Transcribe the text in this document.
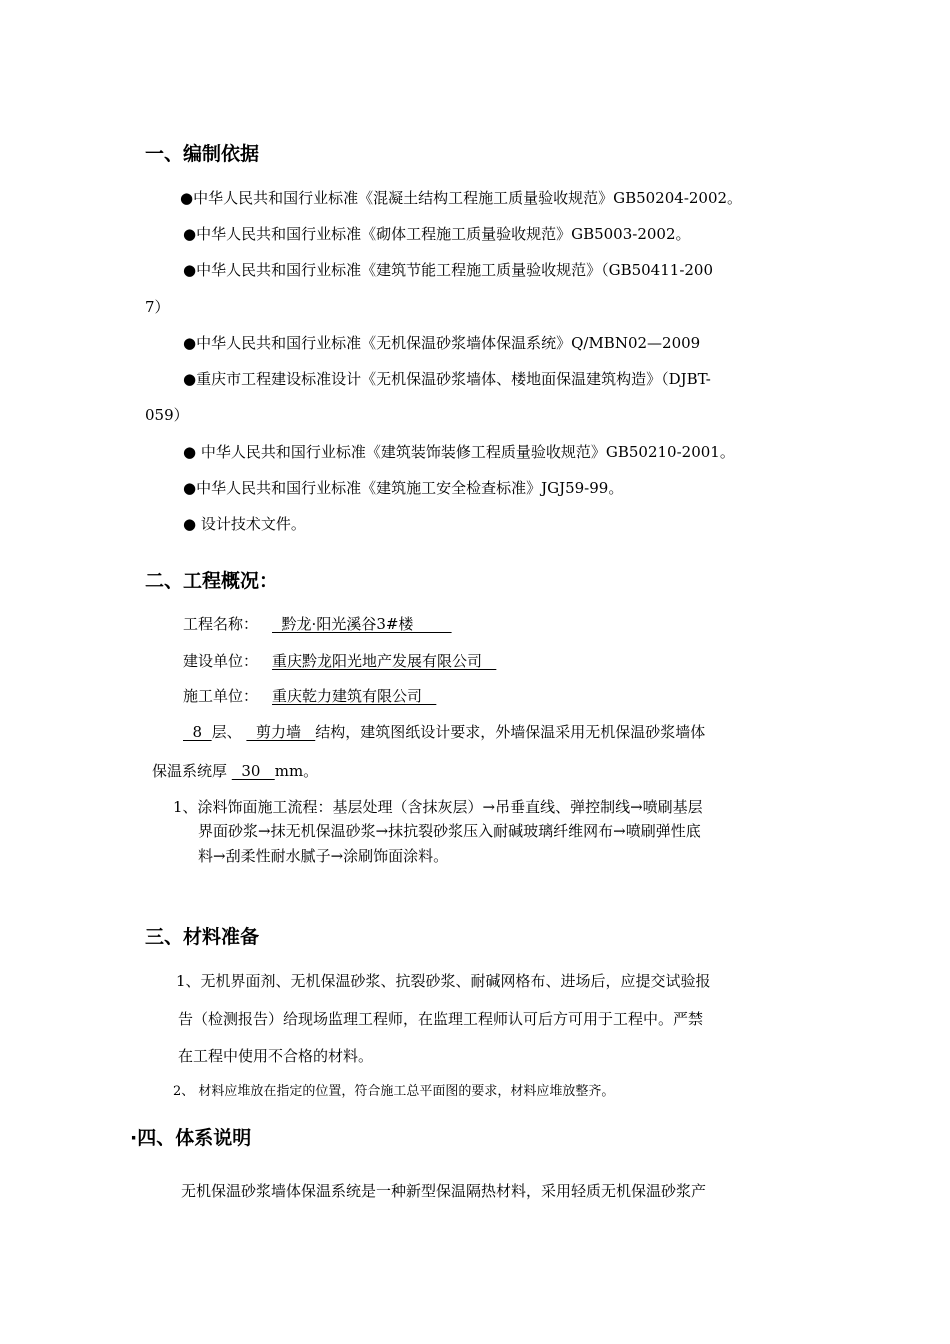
一、编制依据
●中华人民共和国行业标准《混凝土结构工程施工质量验收规范》GB50204-2002。
●中华人民共和国行业标准《砌体工程施工质量验收规范》GB5003-2002。
●中华人民共和国行业标准《建筑节能工程施工质量验收规范》（GB50411-200
7）
●中华人民共和国行业标准《无机保温砂浆墙体保温系统》Q/MBN02—2009
●重庆市工程建设标准设计《无机保温砂浆墙体、楼地面保温建筑构造》（DJBT-
059）
● 中华人民共和国行业标准《建筑装饰装修工程质量验收规范》GB50210-2001。
●中华人民共和国行业标准《建筑施工安全检查标准》JGJ59-99。
● 设计技术文件。
二、工程概况：
工程名称：  黔龙·阳光溪谷3#楼
建设单位： 重庆黔龙阳光地产发展有限公司
施工单位： 重庆乾力建筑有限公司
8  层、   剪力墙   结构，建筑图纸设计要求，外墙保温采用无机保温砂浆墙体
保温系统厚   30   mm。
1、涂料饰面施工流程：基层处理（含抹灰层）→吊垂直线、弹控制线→喷刷基层
界面砂浆→抹无机保温砂浆→抹抗裂砂浆压入耐碱玻璃纤维网布→喷刷弹性底
料→刮柔性耐水腻子→涂刷饰面涂料。
三、材料准备
1、无机界面剂、无机保温砂浆、抗裂砂浆、耐碱网格布、进场后，应提交试验报
告（检测报告）给现场监理工程师，在监理工程师认可后方可用于工程中。严禁
在工程中使用不合格的材料。
2、 材料应堆放在指定的位置，符合施工总平面图的要求，材料应堆放整齐。
·四、体系说明
无机保温砂浆墙体保温系统是一种新型保温隔热材料，采用轻质无机保温砂浆产
